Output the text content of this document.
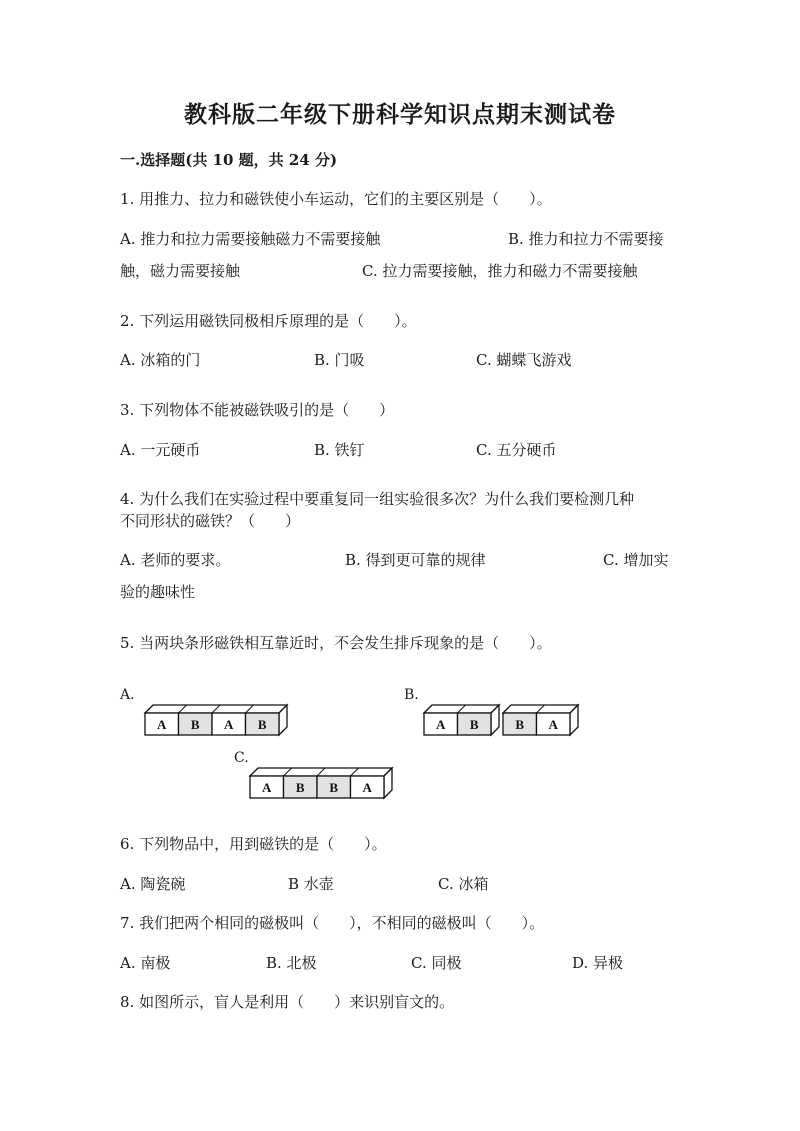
教科版二年级下册科学知识点期末测试卷
一.选择题(共 10 题，共 24 分)
1. 用推力、拉力和磁铁使小车运动，它们的主要区别是（　　）。
A. 推力和拉力需要接触磁力不需要接触	B. 推力和拉力不需要接
触，磁力需要接触	C. 拉力需要接触，推力和磁力不需要接触
2. 下列运用磁铁同极相斥原理的是（　　）。
A. 冰箱的门	B. 门吸	C. 蝴蝶飞游戏
3. 下列物体不能被磁铁吸引的是（　　）
A. 一元硬币	B. 铁钉	C. 五分硬币
4. 为什么我们在实验过程中要重复同一组实验很多次？为什么我们要检测几种
不同形状的磁铁？（　　）
A. 老师的要求。	B. 得到更可靠的规律	C. 增加实
验的趣味性
5. 当两块条形磁铁相互靠近时，不会发生排斥现象的是（　　）。
A.	B.
C.
A B A B	A B	B A
A B B A
6. 下列物品中，用到磁铁的是（　　）。
A. 陶瓷碗	B 水壶	C. 冰箱
7. 我们把两个相同的磁极叫（　　），不相同的磁极叫（　　）。
A. 南极	B. 北极	C. 同极	D. 异极
8. 如图所示，盲人是利用（　　）来识别盲文的。
